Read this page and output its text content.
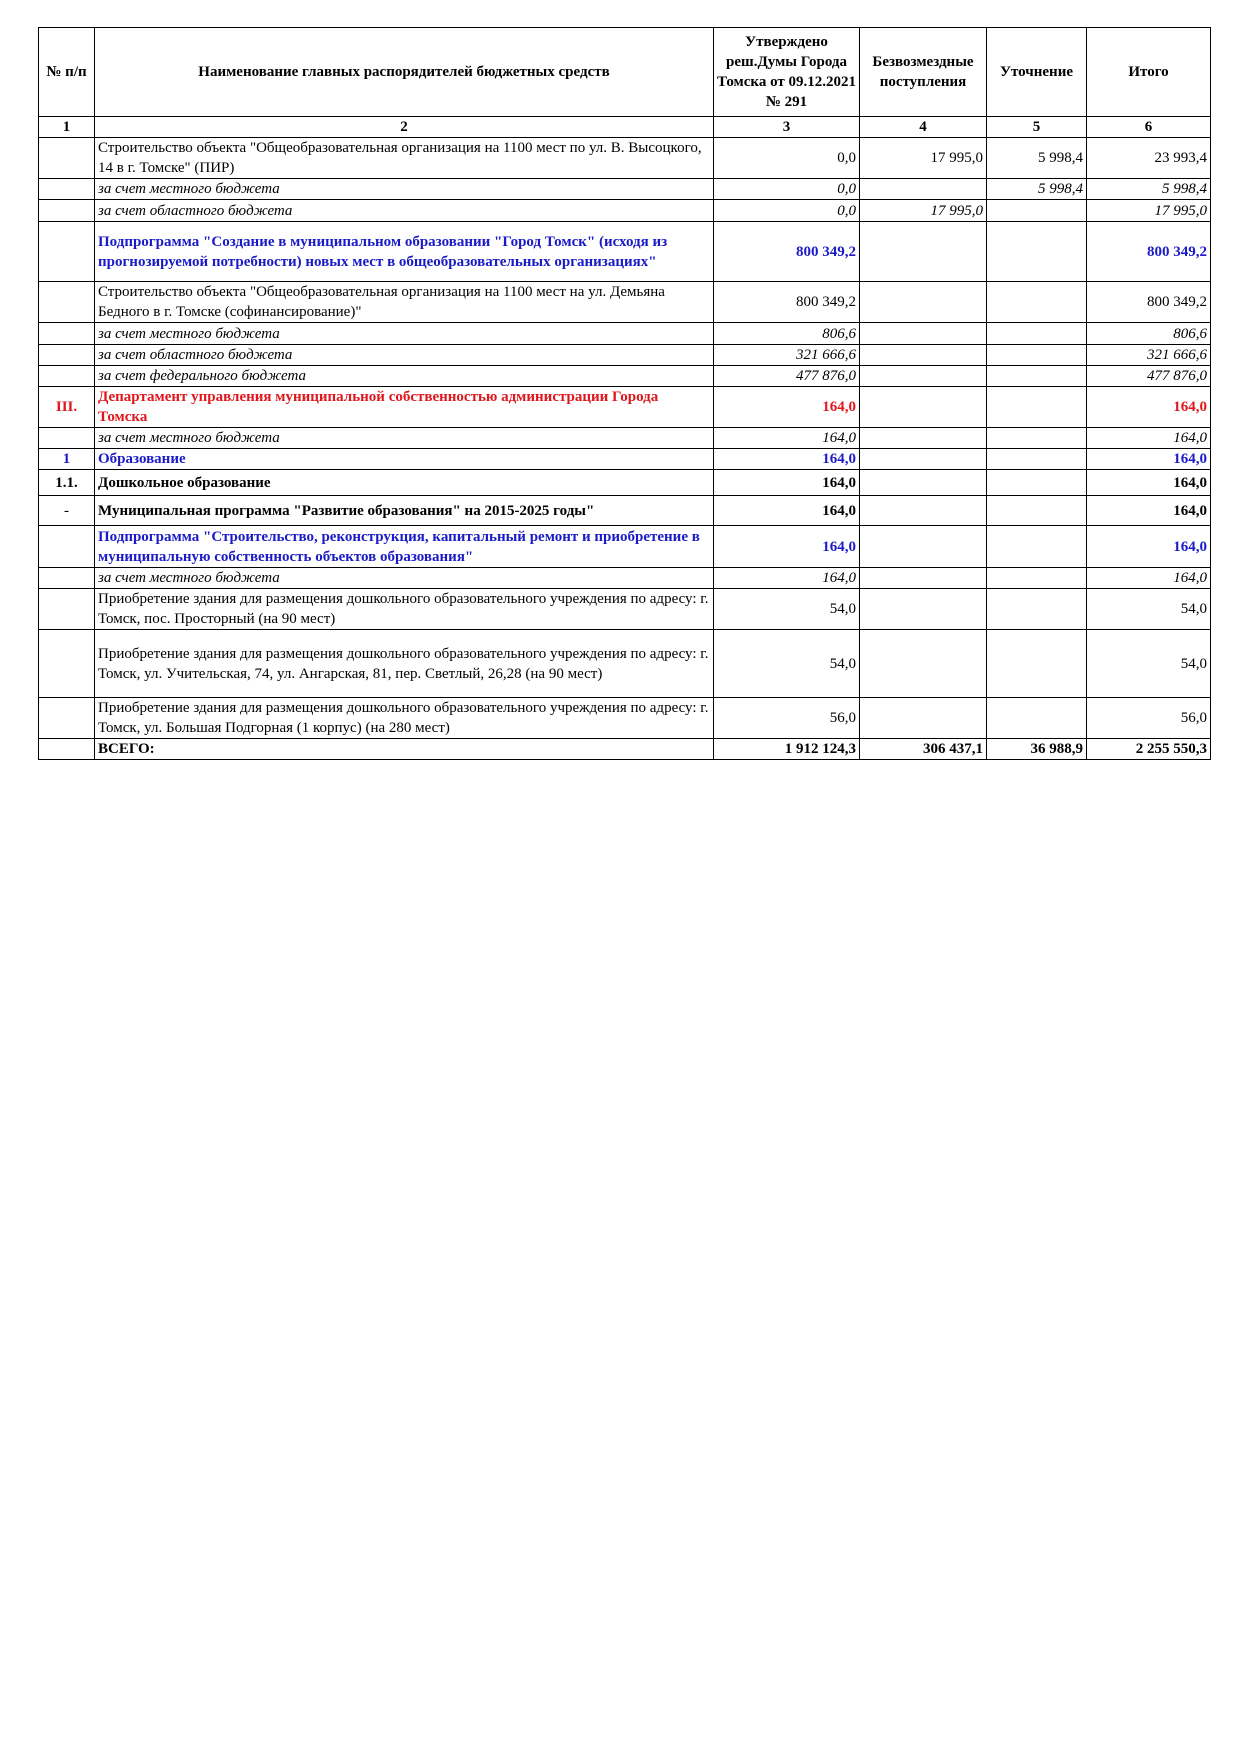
№ п/п	Наименование главных распорядителей бюджетных средств	Утверждено реш.Думы Города Томска от 09.12.2021 № 291	Безвозмездные поступления	Уточнение	Итого
1	2	3	4	5	6
	Строительство объекта "Общеобразовательная организация на 1100 мест по ул. В. Высоцкого, 14 в г. Томске" (ПИР)	0,0	17 995,0	5 998,4	23 993,4
	за счет местного бюджета	0,0		5 998,4	5 998,4
	за счет областного бюджета	0,0	17 995,0		17 995,0
	Подпрограмма "Создание в муниципальном образовании "Город Томск" (исходя из прогнозируемой потребности) новых мест в общеобразовательных организациях"	800 349,2			800 349,2
	Строительство объекта "Общеобразовательная организация на 1100 мест на ул. Демьяна Бедного в г. Томске (софинансирование)"	800 349,2			800 349,2
	за счет местного бюджета	806,6			806,6
	за счет областного бюджета	321 666,6			321 666,6
	за счет федерального бюджета	477 876,0			477 876,0
III.	Департамент управления муниципальной собственностью администрации Города Томска	164,0			164,0
	за счет местного бюджета	164,0			164,0
1	Образование	164,0			164,0
1.1.	Дошкольное образование	164,0			164,0
-	Муниципальная программа "Развитие образования" на 2015-2025 годы"	164,0			164,0
	Подпрограмма "Строительство, реконструкция, капитальный ремонт и приобретение в муниципальную собственность объектов образования"	164,0			164,0
	за счет местного бюджета	164,0			164,0
	Приобретение здания для размещения дошкольного образовательного учреждения по адресу: г. Томск, пос. Просторный (на 90 мест)	54,0			54,0
	Приобретение здания для размещения дошкольного образовательного учреждения по адресу: г. Томск, ул. Учительская, 74, ул. Ангарская, 81, пер. Светлый, 26,28 (на 90 мест)	54,0			54,0
	Приобретение здания для размещения дошкольного образовательного учреждения по адресу: г. Томск, ул. Большая Подгорная (1 корпус) (на 280 мест)	56,0			56,0
	ВСЕГО:	1 912 124,3	306 437,1	36 988,9	2 255 550,3
